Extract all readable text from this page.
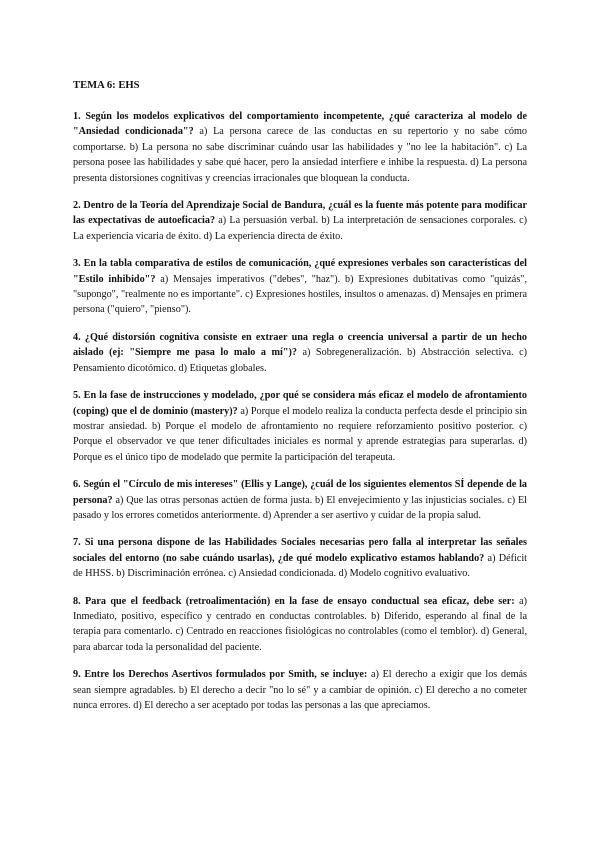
TEMA 6: EHS
1. Según los modelos explicativos del comportamiento incompetente, ¿qué caracteriza al modelo de "Ansiedad condicionada"? a) La persona carece de las conductas en su repertorio y no sabe cómo comportarse. b) La persona no sabe discriminar cuándo usar las habilidades y "no lee la habitación". c) La persona posee las habilidades y sabe qué hacer, pero la ansiedad interfiere e inhibe la respuesta. d) La persona presenta distorsiones cognitivas y creencias irracionales que bloquean la conducta.
2. Dentro de la Teoría del Aprendizaje Social de Bandura, ¿cuál es la fuente más potente para modificar las expectativas de autoeficacia? a) La persuasión verbal. b) La interpretación de sensaciones corporales. c) La experiencia vicaria de éxito. d) La experiencia directa de éxito.
3. En la tabla comparativa de estilos de comunicación, ¿qué expresiones verbales son características del "Estilo inhibido"? a) Mensajes imperativos ("debes", "haz"). b) Expresiones dubitativas como "quizás", "supongo", "realmente no es importante". c) Expresiones hostiles, insultos o amenazas. d) Mensajes en primera persona ("quiero", "pienso").
4. ¿Qué distorsión cognitiva consiste en extraer una regla o creencia universal a partir de un hecho aislado (ej: "Siempre me pasa lo malo a mí")? a) Sobregeneralización. b) Abstracción selectiva. c) Pensamiento dicotómico. d) Etiquetas globales.
5. En la fase de instrucciones y modelado, ¿por qué se considera más eficaz el modelo de afrontamiento (coping) que el de dominio (mastery)? a) Porque el modelo realiza la conducta perfecta desde el principio sin mostrar ansiedad. b) Porque el modelo de afrontamiento no requiere reforzamiento positivo posterior. c) Porque el observador ve que tener dificultades iniciales es normal y aprende estrategias para superarlas. d) Porque es el único tipo de modelado que permite la participación del terapeuta.
6. Según el "Círculo de mis intereses" (Ellis y Lange), ¿cuál de los siguientes elementos SÍ depende de la persona? a) Que las otras personas actúen de forma justa. b) El envejecimiento y las injusticias sociales. c) El pasado y los errores cometidos anteriormente. d) Aprender a ser asertivo y cuidar de la propia salud.
7. Si una persona dispone de las Habilidades Sociales necesarias pero falla al interpretar las señales sociales del entorno (no sabe cuándo usarlas), ¿de qué modelo explicativo estamos hablando? a) Déficit de HHSS. b) Discriminación errónea. c) Ansiedad condicionada. d) Modelo cognitivo evaluativo.
8. Para que el feedback (retroalimentación) en la fase de ensayo conductual sea eficaz, debe ser: a) Inmediato, positivo, específico y centrado en conductas controlables. b) Diferido, esperando al final de la terapia para comentarlo. c) Centrado en reacciones fisiológicas no controlables (como el temblor). d) General, para abarcar toda la personalidad del paciente.
9. Entre los Derechos Asertivos formulados por Smith, se incluye: a) El derecho a exigir que los demás sean siempre agradables. b) El derecho a decir "no lo sé" y a cambiar de opinión. c) El derecho a no cometer nunca errores. d) El derecho a ser aceptado por todas las personas a las que apreciamos.
